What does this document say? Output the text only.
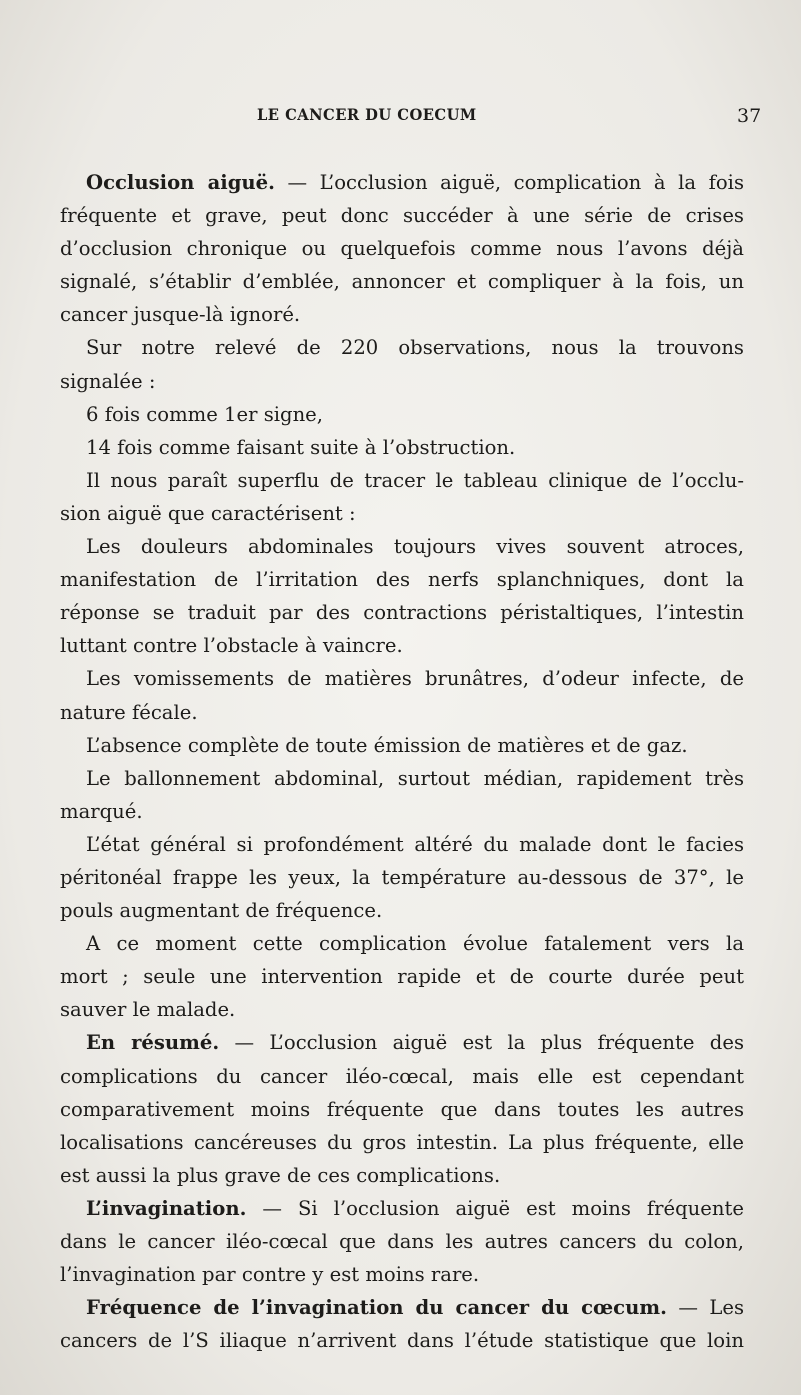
LE CANCER DU COECUM	37
Occlusion aiguë. — L’occlusion aiguë, complication à la fois
fréquente et grave, peut donc succéder à une série de crises
d’occlusion chronique ou quelquefois comme nous l’avons déjà
signalé, s’établir d’emblée, annoncer et compliquer à la fois, un
cancer jusque-là ignoré.
Sur notre relevé de 220 observations, nous la trouvons
signalée :
6 fois comme 1er signe,
14 fois comme faisant suite à l’obstruction.
Il nous paraît superflu de tracer le tableau clinique de l’occlu-
sion aiguë que caractérisent :
Les douleurs abdominales toujours vives souvent atroces,
manifestation de l’irritation des nerfs splanchniques, dont la
réponse se traduit par des contractions péristaltiques, l’intestin
luttant contre l’obstacle à vaincre.
Les vomissements de matières brunâtres, d’odeur infecte, de
nature fécale.
L’absence complète de toute émission de matières et de gaz.
Le ballonnement abdominal, surtout médian, rapidement très
marqué.
L’état général si profondément altéré du malade dont le facies
péritonéal frappe les yeux, la température au-dessous de 37°, le
pouls augmentant de fréquence.
A ce moment cette complication évolue fatalement vers la
mort ; seule une intervention rapide et de courte durée peut
sauver le malade.
En résumé. — L’occlusion aiguë est la plus fréquente des
complications du cancer iléo-cœcal, mais elle est cependant
comparativement moins fréquente que dans toutes les autres
localisations cancéreuses du gros intestin. La plus fréquente, elle
est aussi la plus grave de ces complications.
L’invagination. — Si l’occlusion aiguë est moins fréquente
dans le cancer iléo-cœcal que dans les autres cancers du colon,
l’invagination par contre y est moins rare.
Fréquence de l’invagination du cancer du cœcum. — Les
cancers de l’S iliaque n’arrivent dans l’étude statistique que loin
